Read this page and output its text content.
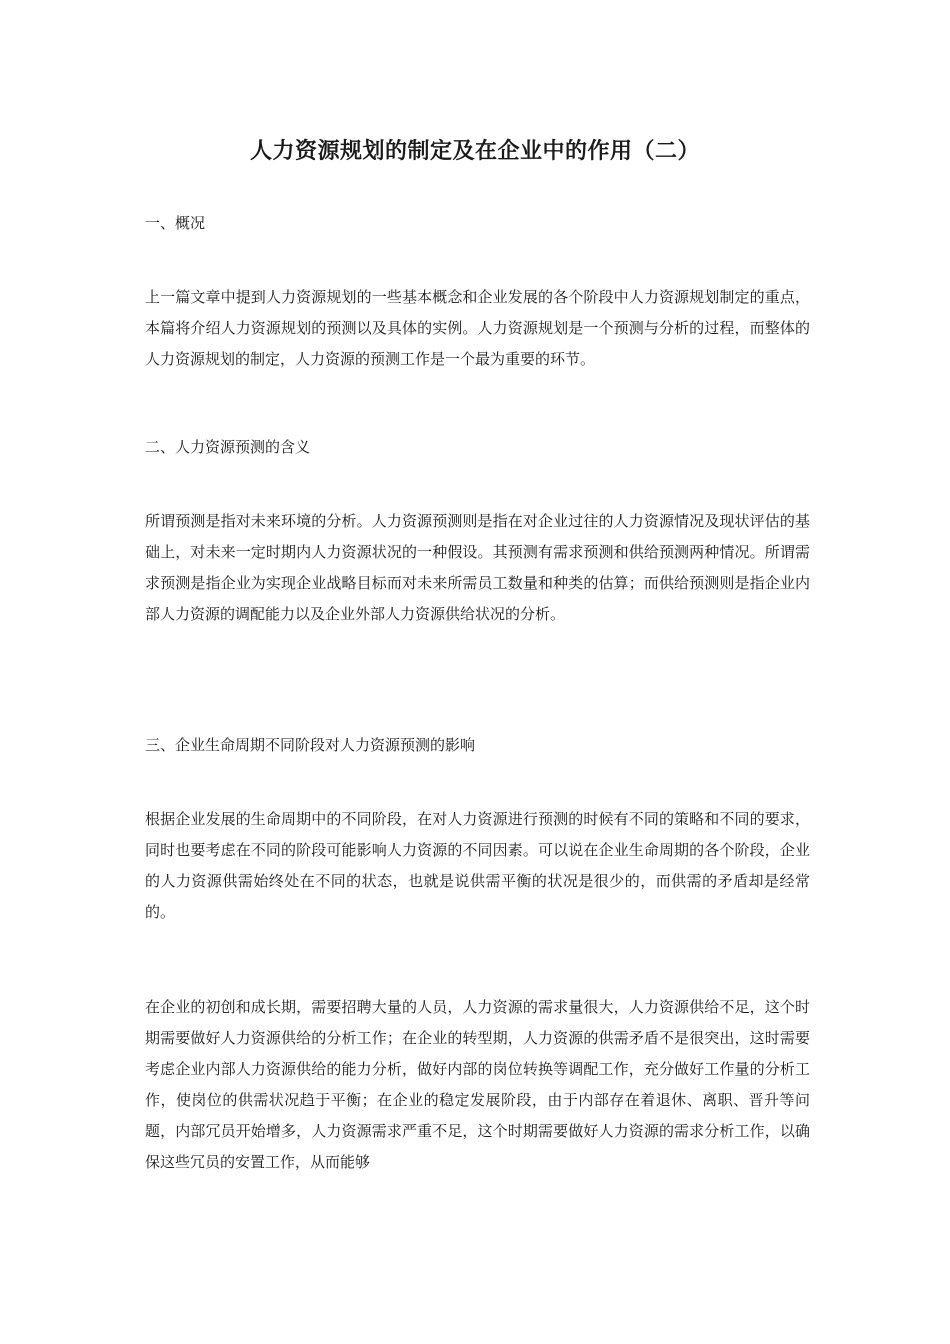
人力资源规划的制定及在企业中的作用（二）

一、概况

上一篇文章中提到人力资源规划的一些基本概念和企业发展的各个阶段中人力资源规划制定的重点，本篇将介绍人力资源规划的预测以及具体的实例。人力资源规划是一个预测与分析的过程，而整体的人力资源规划的制定，人力资源的预测工作是一个最为重要的环节。

二、人力资源预测的含义

所谓预测是指对未来环境的分析。人力资源预测则是指在对企业过往的人力资源情况及现状评估的基础上，对未来一定时期内人力资源状况的一种假设。其预测有需求预测和供给预测两种情况。所谓需求预测是指企业为实现企业战略目标而对未来所需员工数量和种类的估算；而供给预测则是指企业内部人力资源的调配能力以及企业外部人力资源供给状况的分析。

三、企业生命周期不同阶段对人力资源预测的影响

根据企业发展的生命周期中的不同阶段，在对人力资源进行预测的时候有不同的策略和不同的要求，同时也要考虑在不同的阶段可能影响人力资源的不同因素。可以说在企业生命周期的各个阶段，企业的人力资源供需始终处在不同的状态，也就是说供需平衡的状况是很少的，而供需的矛盾却是经常的。

在企业的初创和成长期，需要招聘大量的人员，人力资源的需求量很大，人力资源供给不足，这个时期需要做好人力资源供给的分析工作；在企业的转型期，人力资源的供需矛盾不是很突出，这时需要考虑企业内部人力资源供给的能力分析，做好内部的岗位转换等调配工作，充分做好工作量的分析工作，使岗位的供需状况趋于平衡；在企业的稳定发展阶段，由于内部存在着退休、离职、晋升等问题，内部冗员开始增多，人力资源需求严重不足，这个时期需要做好人力资源的需求分析工作，以确保这些冗员的安置工作，从而能够
